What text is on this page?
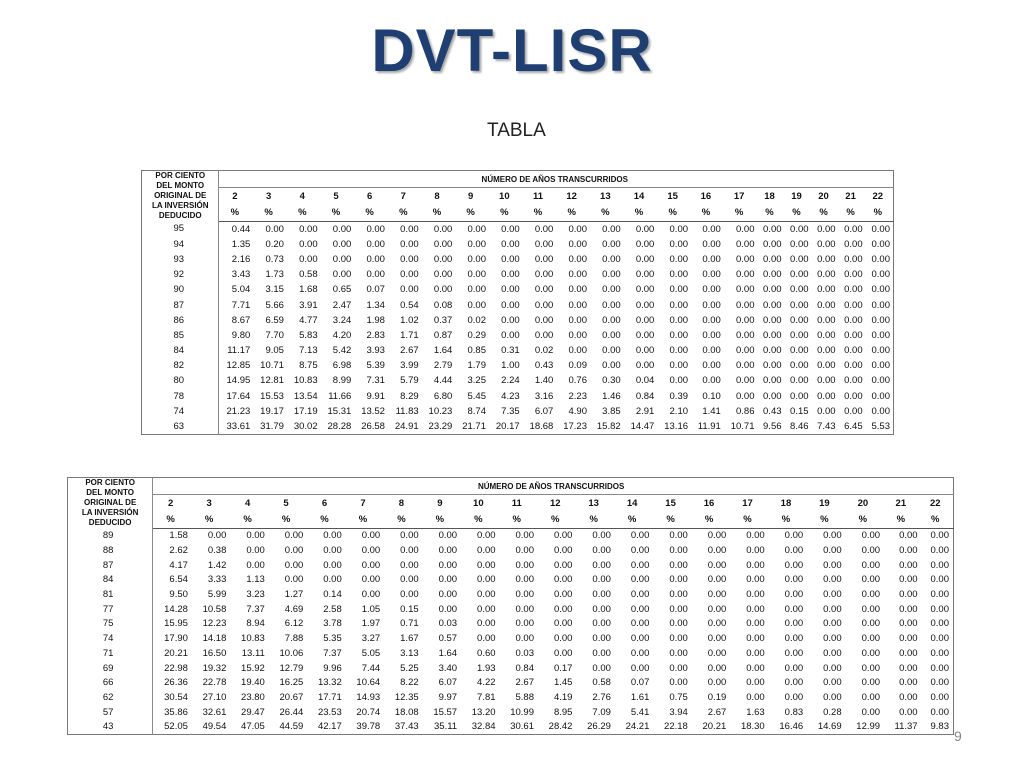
DVT-LISR
TABLA
POR CIENTO
DEL MONTO
ORIGINAL DE
LA INVERSIÓN
DEDUCIDO	NÚMERO DE AÑOS TRANSCURRIDOS																				
	2	3	4	5	6	7	8	9	10	11	12	13	14	15	16	17	18	19	20	21	22
	%	%	%	%	%	%	%	%	%	%	%	%	%	%	%	%	%	%	%	%	%
95	0.44	0.00	0.00	0.00	0.00	0.00	0.00	0.00	0.00	0.00	0.00	0.00	0.00	0.00	0.00	0.00	0.00	0.00	0.00	0.00	0.00
94	1.35	0.20	0.00	0.00	0.00	0.00	0.00	0.00	0.00	0.00	0.00	0.00	0.00	0.00	0.00	0.00	0.00	0.00	0.00	0.00	0.00
93	2.16	0.73	0.00	0.00	0.00	0.00	0.00	0.00	0.00	0.00	0.00	0.00	0.00	0.00	0.00	0.00	0.00	0.00	0.00	0.00	0.00
92	3.43	1.73	0.58	0.00	0.00	0.00	0.00	0.00	0.00	0.00	0.00	0.00	0.00	0.00	0.00	0.00	0.00	0.00	0.00	0.00	0.00
90	5.04	3.15	1.68	0.65	0.07	0.00	0.00	0.00	0.00	0.00	0.00	0.00	0.00	0.00	0.00	0.00	0.00	0.00	0.00	0.00	0.00
87	7.71	5.66	3.91	2.47	1.34	0.54	0.08	0.00	0.00	0.00	0.00	0.00	0.00	0.00	0.00	0.00	0.00	0.00	0.00	0.00	0.00
86	8.67	6.59	4.77	3.24	1.98	1.02	0.37	0.02	0.00	0.00	0.00	0.00	0.00	0.00	0.00	0.00	0.00	0.00	0.00	0.00	0.00
85	9.80	7.70	5.83	4.20	2.83	1.71	0.87	0.29	0.00	0.00	0.00	0.00	0.00	0.00	0.00	0.00	0.00	0.00	0.00	0.00	0.00
84	11.17	9.05	7.13	5.42	3.93	2.67	1.64	0.85	0.31	0.02	0.00	0.00	0.00	0.00	0.00	0.00	0.00	0.00	0.00	0.00	0.00
82	12.85	10.71	8.75	6.98	5.39	3.99	2.79	1.79	1.00	0.43	0.09	0.00	0.00	0.00	0.00	0.00	0.00	0.00	0.00	0.00	0.00
80	14.95	12.81	10.83	8.99	7.31	5.79	4.44	3.25	2.24	1.40	0.76	0.30	0.04	0.00	0.00	0.00	0.00	0.00	0.00	0.00	0.00
78	17.64	15.53	13.54	11.66	9.91	8.29	6.80	5.45	4.23	3.16	2.23	1.46	0.84	0.39	0.10	0.00	0.00	0.00	0.00	0.00	0.00
74	21.23	19.17	17.19	15.31	13.52	11.83	10.23	8.74	7.35	6.07	4.90	3.85	2.91	2.10	1.41	0.86	0.43	0.15	0.00	0.00	0.00
63	33.61	31.79	30.02	28.28	26.58	24.91	23.29	21.71	20.17	18.68	17.23	15.82	14.47	13.16	11.91	10.71	9.56	8.46	7.43	6.45	5.53
POR CIENTO
DEL MONTO
ORIGINAL DE
LA INVERSIÓN
DEDUCIDO	NÚMERO DE AÑOS TRANSCURRIDOS																				
	2	3	4	5	6	7	8	9	10	11	12	13	14	15	16	17	18	19	20	21	22
	%	%	%	%	%	%	%	%	%	%	%	%	%	%	%	%	%	%	%	%	%
89	1.58	0.00	0.00	0.00	0.00	0.00	0.00	0.00	0.00	0.00	0.00	0.00	0.00	0.00	0.00	0.00	0.00	0.00	0.00	0.00	0.00
88	2.62	0.38	0.00	0.00	0.00	0.00	0.00	0.00	0.00	0.00	0.00	0.00	0.00	0.00	0.00	0.00	0.00	0.00	0.00	0.00	0.00
87	4.17	1.42	0.00	0.00	0.00	0.00	0.00	0.00	0.00	0.00	0.00	0.00	0.00	0.00	0.00	0.00	0.00	0.00	0.00	0.00	0.00
84	6.54	3.33	1.13	0.00	0.00	0.00	0.00	0.00	0.00	0.00	0.00	0.00	0.00	0.00	0.00	0.00	0.00	0.00	0.00	0.00	0.00
81	9.50	5.99	3.23	1.27	0.14	0.00	0.00	0.00	0.00	0.00	0.00	0.00	0.00	0.00	0.00	0.00	0.00	0.00	0.00	0.00	0.00
77	14.28	10.58	7.37	4.69	2.58	1.05	0.15	0.00	0.00	0.00	0.00	0.00	0.00	0.00	0.00	0.00	0.00	0.00	0.00	0.00	0.00
75	15.95	12.23	8.94	6.12	3.78	1.97	0.71	0.03	0.00	0.00	0.00	0.00	0.00	0.00	0.00	0.00	0.00	0.00	0.00	0.00	0.00
74	17.90	14.18	10.83	7.88	5.35	3.27	1.67	0.57	0.00	0.00	0.00	0.00	0.00	0.00	0.00	0.00	0.00	0.00	0.00	0.00	0.00
71	20.21	16.50	13.11	10.06	7.37	5.05	3.13	1.64	0.60	0.03	0.00	0.00	0.00	0.00	0.00	0.00	0.00	0.00	0.00	0.00	0.00
69	22.98	19.32	15.92	12.79	9.96	7.44	5.25	3.40	1.93	0.84	0.17	0.00	0.00	0.00	0.00	0.00	0.00	0.00	0.00	0.00	0.00
66	26.36	22.78	19.40	16.25	13.32	10.64	8.22	6.07	4.22	2.67	1.45	0.58	0.07	0.00	0.00	0.00	0.00	0.00	0.00	0.00	0.00
62	30.54	27.10	23.80	20.67	17.71	14.93	12.35	9.97	7.81	5.88	4.19	2.76	1.61	0.75	0.19	0.00	0.00	0.00	0.00	0.00	0.00
57	35.86	32.61	29.47	26.44	23.53	20.74	18.08	15.57	13.20	10.99	8.95	7.09	5.41	3.94	2.67	1.63	0.83	0.28	0.00	0.00	0.00
43	52.05	49.54	47.05	44.59	42.17	39.78	37.43	35.11	32.84	30.61	28.42	26.29	24.21	22.18	20.21	18.30	16.46	14.69	12.99	11.37	9.83
9
